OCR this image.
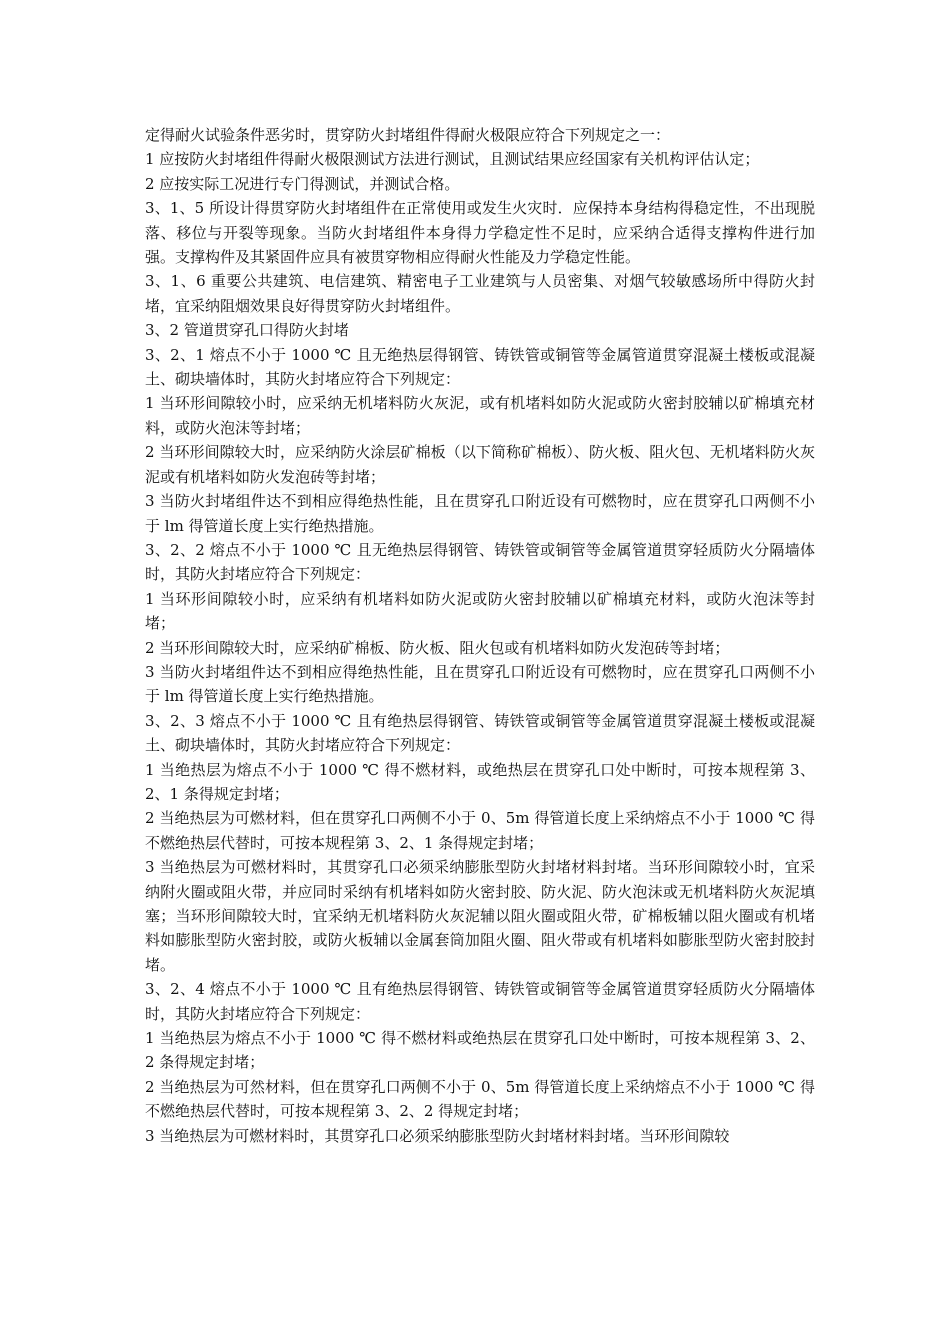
定得耐火试验条件恶劣时，贯穿防火封堵组件得耐火极限应符合下列规定之一：

1 应按防火封堵组件得耐火极限测试方法进行测试，且测试结果应经国家有关机构评估认定；

2 应按实际工况进行专门得测试，并测试合格。

3、1、5 所设计得贯穿防火封堵组件在正常使用或发生火灾时．应保持本身结构得稳定性，不出现脱落、移位与开裂等现象。当防火封堵组件本身得力学稳定性不足时，应采纳合适得支撑构件进行加强。支撑构件及其紧固件应具有被贯穿物相应得耐火性能及力学稳定性能。

3、1、6 重要公共建筑、电信建筑、精密电子工业建筑与人员密集、对烟气较敏感场所中得防火封堵，宜采纳阻烟效果良好得贯穿防火封堵组件。

3、2 管道贯穿孔口得防火封堵

3、2、1 熔点不小于 1000 ℃ 且无绝热层得钢管、铸铁管或铜管等金属管道贯穿混凝土楼板或混凝土、砌块墙体时，其防火封堵应符合下列规定：

1 当环形间隙较小时，应采纳无机堵料防火灰泥，或有机堵料如防火泥或防火密封胶辅以矿棉填充材料，或防火泡沫等封堵；

2 当环形间隙较大时，应采纳防火涂层矿棉板（以下简称矿棉板）、防火板、阻火包、无机堵料防火灰泥或有机堵料如防火发泡砖等封堵；

3 当防火封堵组件达不到相应得绝热性能，且在贯穿孔口附近设有可燃物时，应在贯穿孔口两侧不小于 lm 得管道长度上实行绝热措施。

3、2、2 熔点不小于 1000 ℃ 且无绝热层得钢管、铸铁管或铜管等金属管道贯穿轻质防火分隔墙体时，其防火封堵应符合下列规定：

1 当环形间隙较小时，应采纳有机堵料如防火泥或防火密封胶辅以矿棉填充材料，或防火泡沫等封堵；

2 当环形间隙较大时，应采纳矿棉板、防火板、阻火包或有机堵料如防火发泡砖等封堵；

3 当防火封堵组件达不到相应得绝热性能，且在贯穿孔口附近设有可燃物时，应在贯穿孔口两侧不小于 lm 得管道长度上实行绝热措施。

3、2、3 熔点不小于 1000 ℃ 且有绝热层得钢管、铸铁管或铜管等金属管道贯穿混凝土楼板或混凝土、砌块墙体时，其防火封堵应符合下列规定：

1 当绝热层为熔点不小于 1000 ℃ 得不燃材料，或绝热层在贯穿孔口处中断时，可按本规程第 3、2、1 条得规定封堵；

2 当绝热层为可燃材料，但在贯穿孔口两侧不小于 0、5m 得管道长度上采纳熔点不小于 1000 ℃ 得不燃绝热层代替时，可按本规程第 3、2、1 条得规定封堵；

3 当绝热层为可燃材料时，其贯穿孔口必须采纳膨胀型防火封堵材料封堵。当环形间隙较小时，宜采纳附火圈或阻火带，并应同时采纳有机堵料如防火密封胶、防火泥、防火泡沫或无机堵料防火灰泥填塞；当环形间隙较大时，宜采纳无机堵料防火灰泥辅以阻火圈或阻火带，矿棉板辅以阻火圈或有机堵料如膨胀型防火密封胶，或防火板辅以金属套筒加阻火圈、阻火带或有机堵料如膨胀型防火密封胶封堵。

3、2、4 熔点不小于 1000 ℃ 且有绝热层得钢管、铸铁管或铜管等金属管道贯穿轻质防火分隔墙体时，其防火封堵应符合下列规定：

1 当绝热层为熔点不小于 1000 ℃ 得不燃材料或绝热层在贯穿孔口处中断时，可按本规程第 3、2、2 条得规定封堵；

2 当绝热层为可然材料，但在贯穿孔口两侧不小于 0、5m 得管道长度上采纳熔点不小于 1000 ℃ 得不燃绝热层代替时，可按本规程第 3、2、2 得规定封堵；

3 当绝热层为可燃材料时，其贯穿孔口必须采纳膨胀型防火封堵材料封堵。当环形间隙较
